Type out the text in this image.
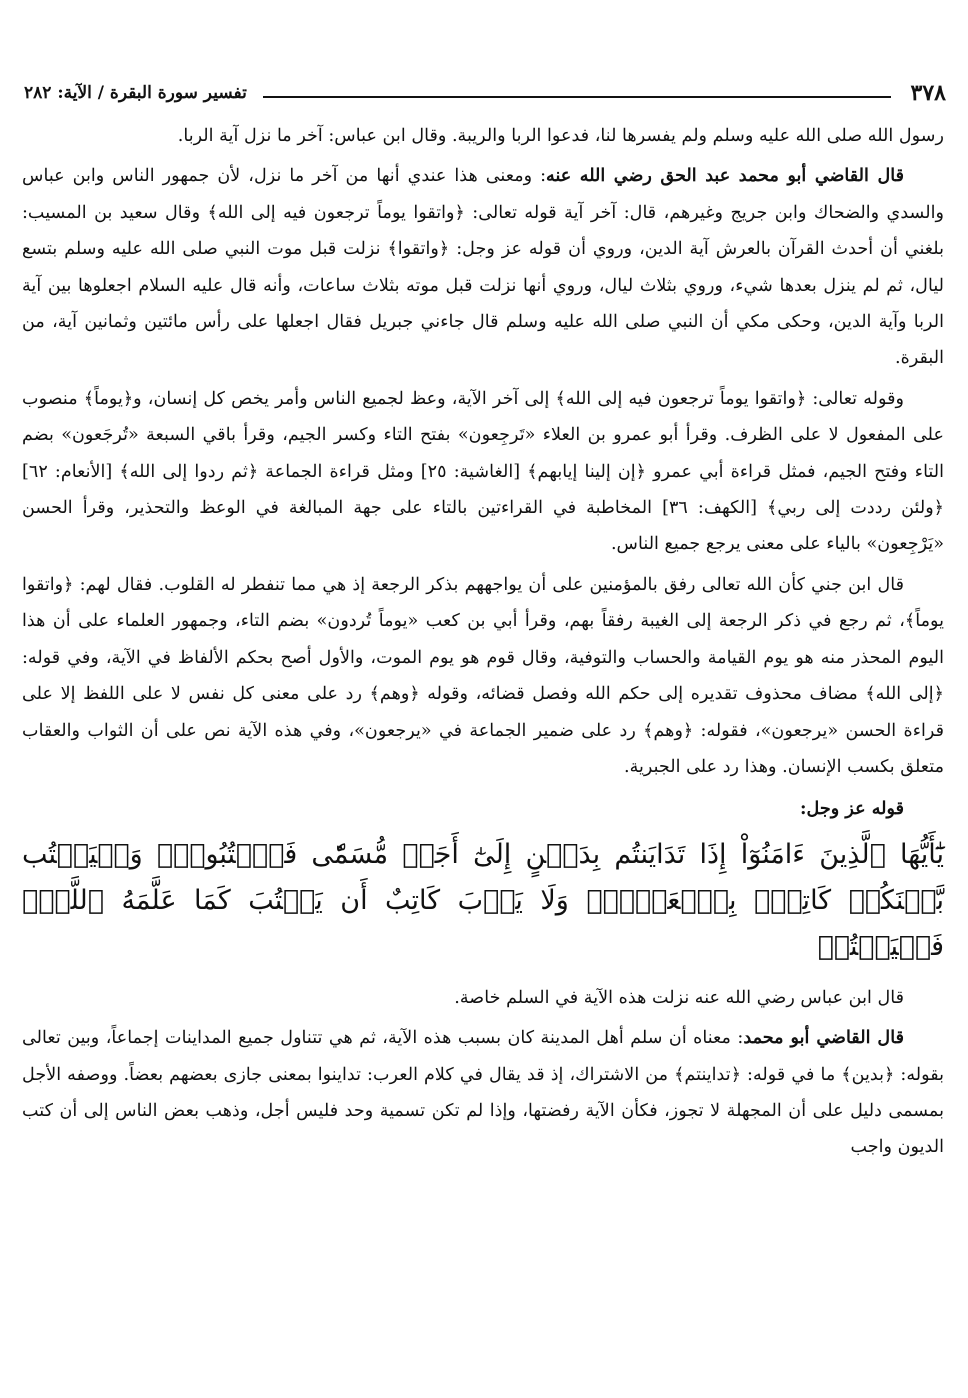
٣٧٨
تفسير سورة البقرة / الآية: ٢٨٢

رسول الله صلى الله عليه وسلم ولم يفسرها لنا، فدعوا الربا والريبة. وقال ابن عباس: آخر ما نزل آية الربا.

قال القاضي أبو محمد عبد الحق رضي الله عنه: ومعنى هذا عندي أنها من آخر ما نزل، لأن جمهور الناس وابن عباس والسدي والضحاك وابن جريج وغيرهم، قال: آخر آية قوله تعالى: ﴿واتقوا يوماً ترجعون فيه إلى الله﴾ وقال سعيد بن المسيب: بلغني أن أحدث القرآن بالعرش آية الدين، وروي أن قوله عز وجل: ﴿واتقوا﴾ نزلت قبل موت النبي صلى الله عليه وسلم بتسع ليال، ثم لم ينزل بعدها شيء، وروي بثلاث ليال، وروي أنها نزلت قبل موته بثلاث ساعات، وأنه قال عليه السلام اجعلوها بين آية الربا وآية الدين، وحكى مكي أن النبي صلى الله عليه وسلم قال جاءني جبريل فقال اجعلها على رأس مائتين وثمانين آية، من البقرة.

وقوله تعالى: ﴿واتقوا يوماً ترجعون فيه إلى الله﴾ إلى آخر الآية، وعظ لجميع الناس وأمر يخص كل إنسان، و﴿يوماً﴾ منصوب على المفعول لا على الظرف. وقرأ أبو عمرو بن العلاء «تَرجِعون» بفتح التاء وكسر الجيم، وقرأ باقي السبعة «تُرجَعون» بضم التاء وفتح الجيم، فمثل قراءة أبي عمرو ﴿إن إلينا إيابهم﴾ [الغاشية: ٢٥] ومثل قراءة الجماعة ﴿ثم ردوا إلى الله﴾ [الأنعام: ٦٢] ﴿ولئن رددت إلى ربي﴾ [الكهف: ٣٦] المخاطبة في القراءتين بالتاء على جهة المبالغة في الوعظ والتحذير، وقرأ الحسن «يَرْجِعون» بالياء على معنى يرجع جميع الناس.

قال ابن جني كأن الله تعالى رفق بالمؤمنين على أن يواجههم بذكر الرجعة إذ هي مما تنفطر له القلوب. فقال لهم: ﴿واتقوا يوماً﴾، ثم رجع في ذكر الرجعة إلى الغيبة رفقاً بهم، وقرأ أبي بن كعب «يوماً تُردون» بضم التاء، وجمهور العلماء على أن هذا اليوم المحذر منه هو يوم القيامة والحساب والتوفية، وقال قوم هو يوم الموت، والأول أصح بحكم الألفاظ في الآية، وفي قوله: ﴿إلى الله﴾ مضاف محذوف تقديره إلى حكم الله وفصل قضائه، وقوله ﴿وهم﴾ رد على معنى كل نفس لا على اللفظ إلا على قراءة الحسن «يرجعون»، فقوله: ﴿وهم﴾ رد على ضمير الجماعة في «يرجعون»، وفي هذه الآية نص على أن الثواب والعقاب متعلق بكسب الإنسان. وهذا رد على الجبرية.

قوله عز وجل:

يَٰٓأَيُّهَا ٱلَّذِينَ ءَامَنُوٓاْ إِذَا تَدَايَنتُم بِدَيۡنٍ إِلَىٰٓ أَجَلٖ مُّسَمّٗى فَٱكۡتُبُوهُۚ وَلۡيَكۡتُب بَّيۡنَكُمۡ كَاتِبُۢ بِٱلۡعَدۡلِۚ وَلَا يَأۡبَ كَاتِبٌ أَن يَكۡتُبَ كَمَا عَلَّمَهُ ٱللَّهُۚ فَلۡيَكۡتُبۡ

قال ابن عباس رضي الله عنه نزلت هذه الآية في السلم خاصة.

قال القاضي أبو محمد: معناه أن سلم أهل المدينة كان بسبب هذه الآية، ثم هي تتناول جميع المداينات إجماعاً، وبين تعالى بقوله: ﴿بدين﴾ ما في قوله: ﴿تداينتم﴾ من الاشتراك، إذ قد يقال في كلام العرب: تداينوا بمعنى جازى بعضهم بعضاً. ووصفه الأجل بمسمى دليل على أن المجهلة لا تجوز، فكأن الآية رفضتها، وإذا لم تكن تسمية وحد فليس أجل، وذهب بعض الناس إلى أن كتب الديون واجب
